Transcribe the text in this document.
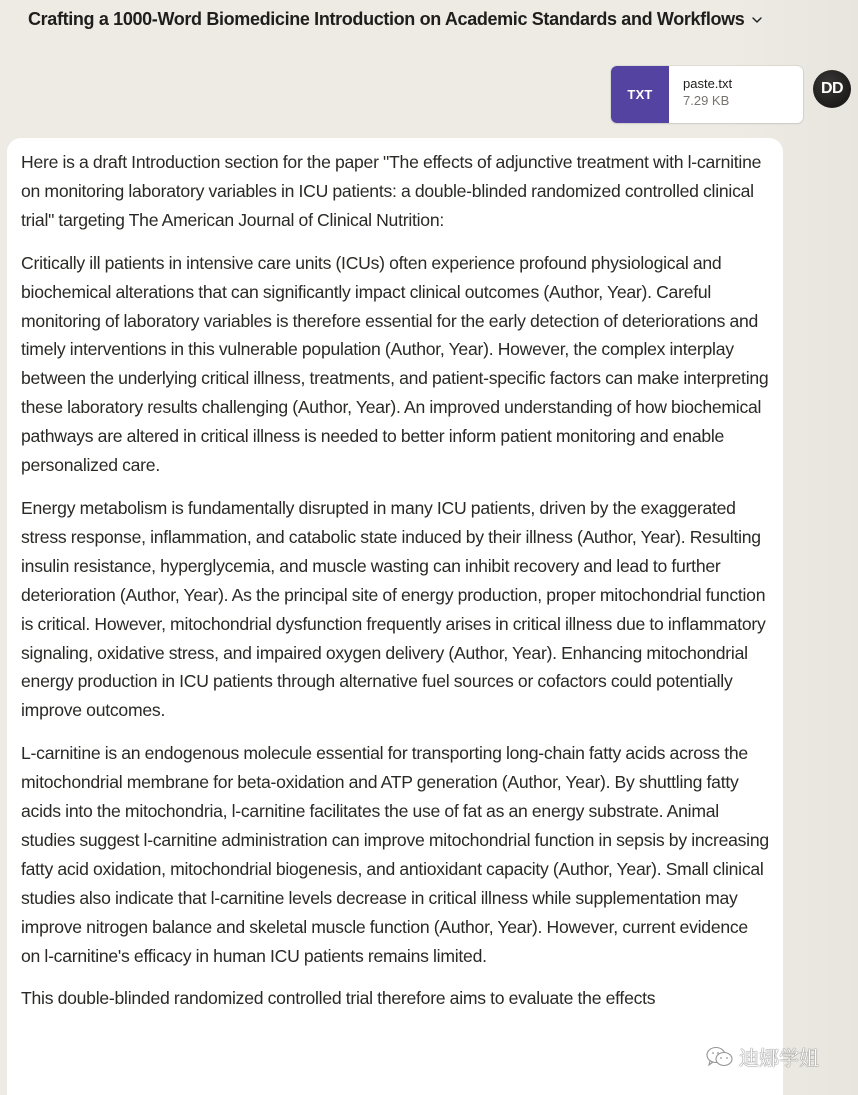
Crafting a 1000-Word Biomedicine Introduction on Academic Standards and Workflows
TXT
paste.txt
7.29 KB
DD

Here is a draft Introduction section for the paper "The effects of adjunctive treatment with l-carnitine on monitoring laboratory variables in ICU patients: a double-blinded randomized controlled clinical trial" targeting The American Journal of Clinical Nutrition:

Critically ill patients in intensive care units (ICUs) often experience profound physiological and biochemical alterations that can significantly impact clinical outcomes (Author, Year). Careful monitoring of laboratory variables is therefore essential for the early detection of deteriorations and timely interventions in this vulnerable population (Author, Year). However, the complex interplay between the underlying critical illness, treatments, and patient-specific factors can make interpreting these laboratory results challenging (Author, Year). An improved understanding of how biochemical pathways are altered in critical illness is needed to better inform patient monitoring and enable personalized care.

Energy metabolism is fundamentally disrupted in many ICU patients, driven by the exaggerated stress response, inflammation, and catabolic state induced by their illness (Author, Year). Resulting insulin resistance, hyperglycemia, and muscle wasting can inhibit recovery and lead to further deterioration (Author, Year). As the principal site of energy production, proper mitochondrial function is critical. However, mitochondrial dysfunction frequently arises in critical illness due to inflammatory signaling, oxidative stress, and impaired oxygen delivery (Author, Year). Enhancing mitochondrial energy production in ICU patients through alternative fuel sources or cofactors could potentially improve outcomes.

L-carnitine is an endogenous molecule essential for transporting long-chain fatty acids across the mitochondrial membrane for beta-oxidation and ATP generation (Author, Year). By shuttling fatty acids into the mitochondria, l-carnitine facilitates the use of fat as an energy substrate. Animal studies suggest l-carnitine administration can improve mitochondrial function in sepsis by increasing fatty acid oxidation, mitochondrial biogenesis, and antioxidant capacity (Author, Year). Small clinical studies also indicate that l-carnitine levels decrease in critical illness while supplementation may improve nitrogen balance and skeletal muscle function (Author, Year). However, current evidence on l-carnitine's efficacy in human ICU patients remains limited.

This double-blinded randomized controlled trial therefore aims to evaluate the effects

迪娜学姐
